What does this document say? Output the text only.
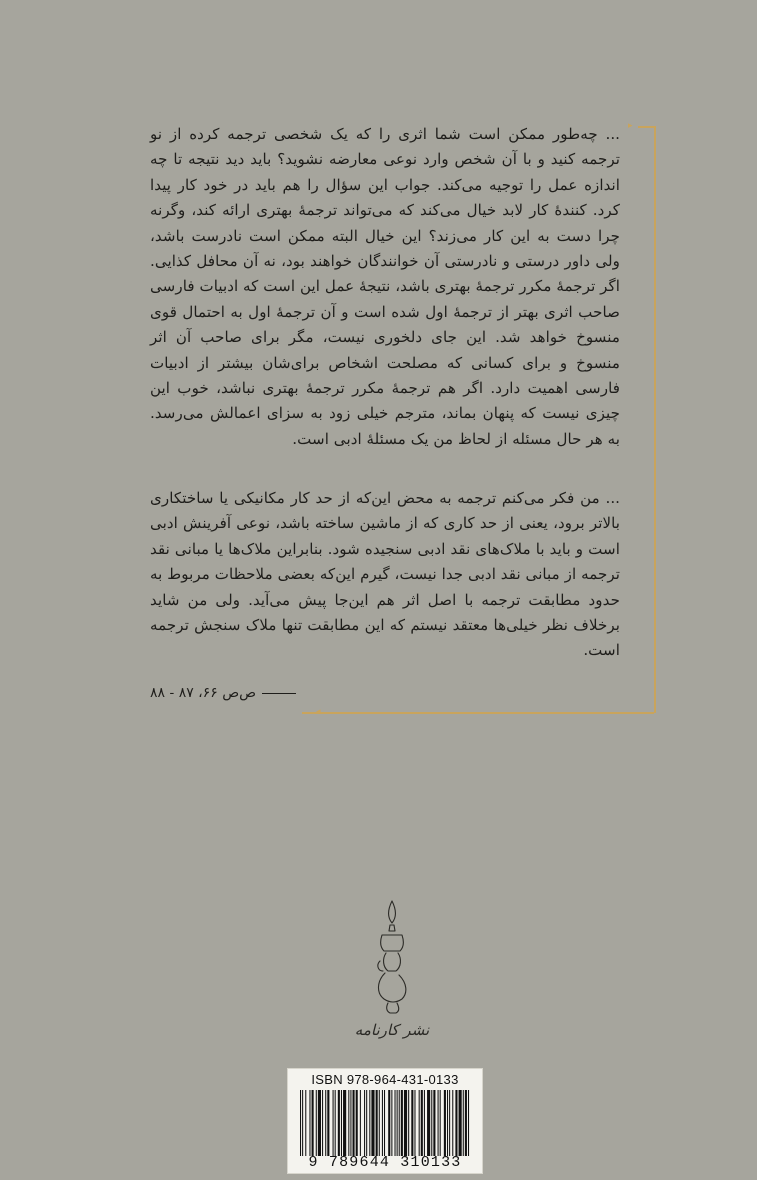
▸
◂

... چه‌طور ممکن است شما اثری را که یک شخصی ترجمه کرده از نو ترجمه کنید و با آن شخص وارد نوعی معارضه نشوید؟ باید دید نتیجه تا چه اندازه عمل را توجیه می‌کند. جواب این سؤال را هم باید در خود کار پیدا کرد. کنندهٔ کار لابد خیال می‌کند که می‌تواند ترجمهٔ بهتری ارائه کند، وگرنه چرا دست به این کار می‌زند؟ این خیال البته ممکن است نادرست باشد، ولی داور درستی و نادرستی آن خوانندگان خواهند بود، نه آن محافل کذایی. اگر ترجمهٔ مکرر ترجمهٔ بهتری باشد، نتیجهٔ عمل این است که ادبیات فارسی صاحب اثری بهتر از ترجمهٔ اول شده است و آن ترجمهٔ اول به احتمال قوی منسوخ خواهد شد. این جای دلخوری نیست، مگر برای صاحب آن اثر منسوخ و برای کسانی که مصلحت اشخاص برای‌شان بیشتر از ادبیات فارسی اهمیت دارد. اگر هم ترجمهٔ مکرر ترجمهٔ بهتری نباشد، خوب این چیزی نیست که پنهان بماند، مترجم خیلی زود به سزای اعمالش می‌رسد. به هر حال مسئله از لحاظ من یک مسئلهٔ ادبی است.

... من فکر می‌کنم ترجمه به محض این‌که از حد کار مکانیکی یا ساختکاری بالاتر برود، یعنی از حد کاری که از ماشین ساخته باشد، نوعی آفرینش ادبی است و باید با ملاک‌های نقد ادبی سنجیده شود. بنابراین ملاک‌ها یا مبانی نقد ترجمه از مبانی نقد ادبی جدا نیست، گیرم این‌که بعضی ملاحظات مربوط به حدود مطابقت ترجمه با اصل اثر هم این‌جا پیش می‌آید. ولی من شاید برخلاف نظر خیلی‌ها معتقد نیستم که این مطابقت تنها ملاک سنجش ترجمه است.

ص‌ص ۶۶، ۸۷ - ۸۸
نشر کارنامه
ISBN 978-964-431-0133
9 789644 310133
